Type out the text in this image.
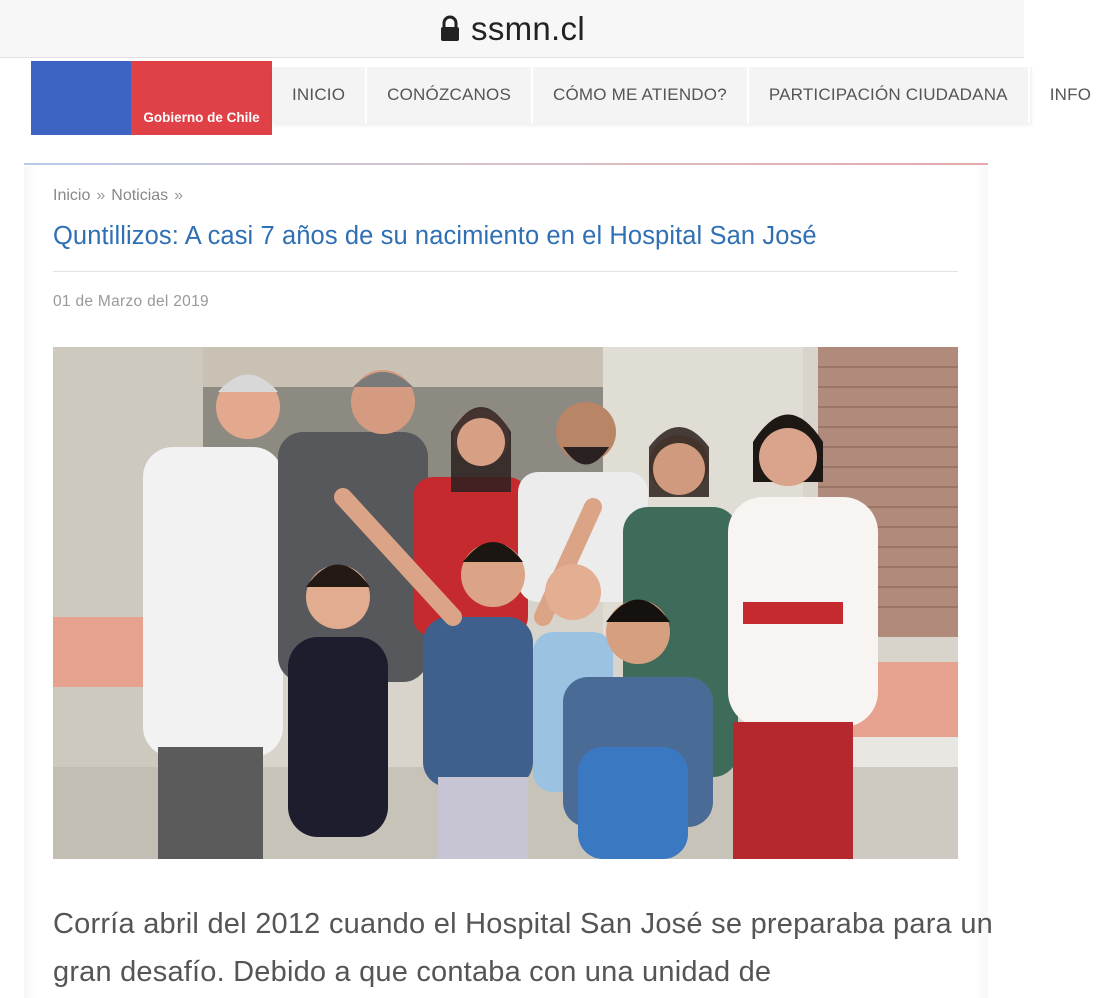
ssmn.cl
Gobierno de Chile
INICIO	CONÓZCANOS	CÓMO ME ATIENDO?	PARTICIPACIÓN CIUDADANA	INFO
Inicio » Noticias »
Quntillizos: A casi 7 años de su nacimiento en el Hospital San José
01 de Marzo del 2019

Corría abril del 2012 cuando el Hospital San José se preparaba para un gran desafío. Debido a que contaba con una unidad de
